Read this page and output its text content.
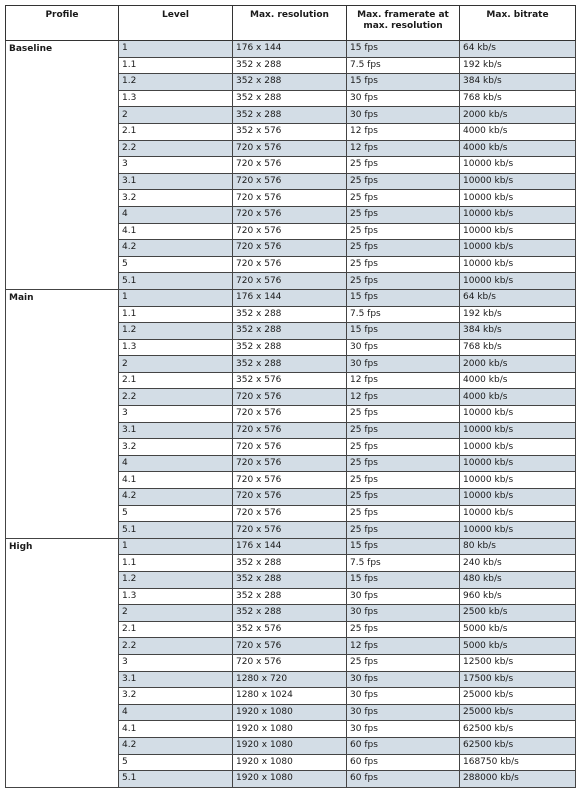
Profile	Level	Max. resolution	Max. framerate at max. resolution	Max. bitrate
Baseline	1	176 x 144	15 fps	64 kb/s
	1.1	352 x 288	7.5 fps	192 kb/s
	1.2	352 x 288	15 fps	384 kb/s
	1.3	352 x 288	30 fps	768 kb/s
	2	352 x 288	30 fps	2000 kb/s
	2.1	352 x 576	12 fps	4000 kb/s
	2.2	720 x 576	12 fps	4000 kb/s
	3	720 x 576	25 fps	10000 kb/s
	3.1	720 x 576	25 fps	10000 kb/s
	3.2	720 x 576	25 fps	10000 kb/s
	4	720 x 576	25 fps	10000 kb/s
	4.1	720 x 576	25 fps	10000 kb/s
	4.2	720 x 576	25 fps	10000 kb/s
	5	720 x 576	25 fps	10000 kb/s
	5.1	720 x 576	25 fps	10000 kb/s
Main	1	176 x 144	15 fps	64 kb/s
	1.1	352 x 288	7.5 fps	192 kb/s
	1.2	352 x 288	15 fps	384 kb/s
	1.3	352 x 288	30 fps	768 kb/s
	2	352 x 288	30 fps	2000 kb/s
	2.1	352 x 576	12 fps	4000 kb/s
	2.2	720 x 576	12 fps	4000 kb/s
	3	720 x 576	25 fps	10000 kb/s
	3.1	720 x 576	25 fps	10000 kb/s
	3.2	720 x 576	25 fps	10000 kb/s
	4	720 x 576	25 fps	10000 kb/s
	4.1	720 x 576	25 fps	10000 kb/s
	4.2	720 x 576	25 fps	10000 kb/s
	5	720 x 576	25 fps	10000 kb/s
	5.1	720 x 576	25 fps	10000 kb/s
High	1	176 x 144	15 fps	80 kb/s
	1.1	352 x 288	7.5 fps	240 kb/s
	1.2	352 x 288	15 fps	480 kb/s
	1.3	352 x 288	30 fps	960 kb/s
	2	352 x 288	30 fps	2500 kb/s
	2.1	352 x 576	25 fps	5000 kb/s
	2.2	720 x 576	12 fps	5000 kb/s
	3	720 x 576	25 fps	12500 kb/s
	3.1	1280 x 720	30 fps	17500 kb/s
	3.2	1280 x 1024	30 fps	25000 kb/s
	4	1920 x 1080	30 fps	25000 kb/s
	4.1	1920 x 1080	30 fps	62500 kb/s
	4.2	1920 x 1080	60 fps	62500 kb/s
	5	1920 x 1080	60 fps	168750 kb/s
	5.1	1920 x 1080	60 fps	288000 kb/s
